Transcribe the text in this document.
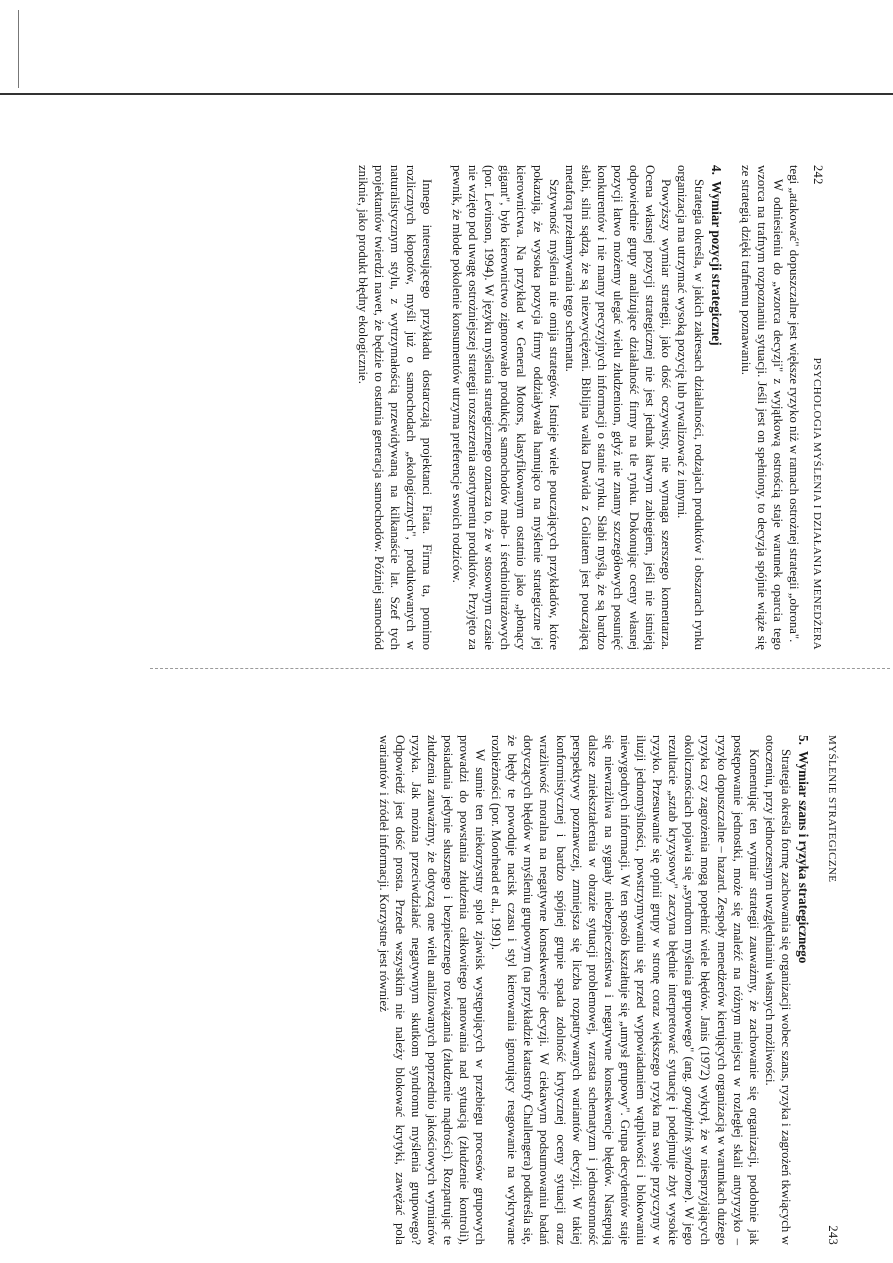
242
PSYCHOLOGIA MYŚLENIA I DZIAŁANIA MENEDŻERA

tegi „atakować" dopuszczalne jest większe ryzyko niż w ramach ostrożnej strategii „obrona".

W odniesieniu do „wzorca decyzji" z wyjątkową ostrością staje warunek oparcia tego wzorca na trafnym rozpoznaniu sytuacji. Jeśli jest on spełniony, to decyzja spójnie wiąże się ze strategią dzięki trafnemu poznawaniu.

4.Wymiar pozycji strategicznej

Strategia określa, w jakich zakresach działalności, rodzajach produktów i obszarach rynku organizacja ma utrzymać wysoką pozycję lub rywalizować z innymi.

Powyższy wymiar strategii, jako dość oczywisty, nie wymaga szerszego komentarza. Ocena własnej pozycji strategicznej nie jest jednak łatwym zabiegiem, jeśli nie istnieją odpowiednie grupy analizujące działalność firmy na tle rynku. Dokonując oceny własnej pozycji łatwo możemy ulegać wielu złudzeniom, gdyż nie znamy szczegółowych posunięć konkurentów i nie mamy precyzyjnych informacji o stanie rynku. Słabi myślą, że są bardzo słabi, silni sądzą, że są niezwyciężeni. Biblijna walka Dawida z Goliatem jest pouczającą metaforą przełamywania tego schematu.

Sztywność myślenia nie omija strategów. Istnieje wiele pouczających przykładów, które pokazują, że wysoka pozycja firmy oddziaływała hamująco na myślenie strategiczne jej kierownictwa. Na przykład w General Motors, klasyfikowanym ostatnio jako „płonący gigant", było kierownictwo zignorowało produkcję samochodów mało- i średniolitrażowych (por. Levinson, 1994). W języku myślenia strategicznego oznacza to, że w stosownym czasie nie wzięto pod uwagę ostrożniejszej strategii rozszerzenia asortymentu produktów. Przyjęto za pewnik, że młode pokolenie konsumentów utrzyma preferencje swoich rodziców.

Innego interesującego przykładu dostarczają projektanci Fiata. Firma ta, pomimo rozlicznych kłopotów, myśli już o samochodach „ekologicznych", produkowanych w naturalistycznym stylu, z wytrzymałością przewidywaną na kilkanaście lat. Szef tych projektantów twierdzi nawet, że będzie to ostatnia generacja samochodów. Później samochód zniknie, jako produkt błędny ekologicznie.

MYŚLENIE STRATEGICZNE
243
5.Wymiar szans i ryzyka strategicznego

Strategia określa formę zachowania się organizacji wobec szans, ryzyka i zagrożeń tkwiących w otoczeniu, przy jednoczesnym uwzględnianiu własnych możliwości.

Komentując ten wymiar strategii zauważmy, że zachowanie się organizacji, podobnie jak postępowanie jednostki, może się znaleźć na różnym miejscu w rozległej skali antyryzyko – ryzyko dopuszczalne – hazard. Zespoły menedżerów kierujących organizacją w warunkach dużego ryzyka czy zagrożenia mogą popełnić wiele błędów. Janis (1972) wykrył, że w niesprzyjających okolicznościach pojawia się „syndrom myślenia grupowego" (ang. groupthink syndrome). W jego rezultacie „sztab kryzysowy" zaczyna błędnie interpretować sytuację i podejmuje zbyt wysokie ryzyko. Przesuwanie się opinii grupy w stronę coraz większego ryzyka ma swoje przyczyny w iluzji jednomyślności, powstrzymywaniu się przed wypowiadaniem wątpliwości i blokowaniu niewygodnych informacji. W ten sposób kształtuje się „umysł grupowy". Grupa decydentów staje się niewrażliwa na sygnały niebezpieczeństwa i negatywne konsekwencje błędów. Następują dalsze zniekształcenia w obrazie sytuacji problemowej, wzrasta schematyzm i jednostronność perspektywy poznawczej, zmniejsza się liczba rozpatrywanych wariantów decyzji. W takiej konformistycznej i bardzo spójnej grupie spada zdolność krytycznej oceny sytuacji oraz wrażliwość moralna na negatywne konsekwencje decyzji. W ciekawym podsumowaniu badań dotyczących błędów w myśleniu grupowym (na przykładzie katastrofy Challengera) podkreśla się, że błędy te powoduje nacisk czasu i styl kierowania ignorujący reagowanie na wykrywane rozbieżności (por. Moorhead et al., 1991).

W sumie ten niekorzystny splot zjawisk występujących w przebiegu procesów grupowych prowadzi do powstania złudzenia całkowitego panowania nad sytuacją (złudzenie kontroli), posiadania jedynie słusznego i bezpiecznego rozwiązania (złudzenie mądrości). Rozpatrując te złudzenia zauważmy, że dotyczą one wielu analizowanych poprzednio jakościowych wymiarów ryzyka. Jak można przeciwdziałać negatywnym skutkom syndromu myślenia grupowego? Odpowiedź jest dość prosta. Przede wszystkim nie należy blokować krytyki, zawężać pola wariantów i źródeł informacji. Korzystne jest również
